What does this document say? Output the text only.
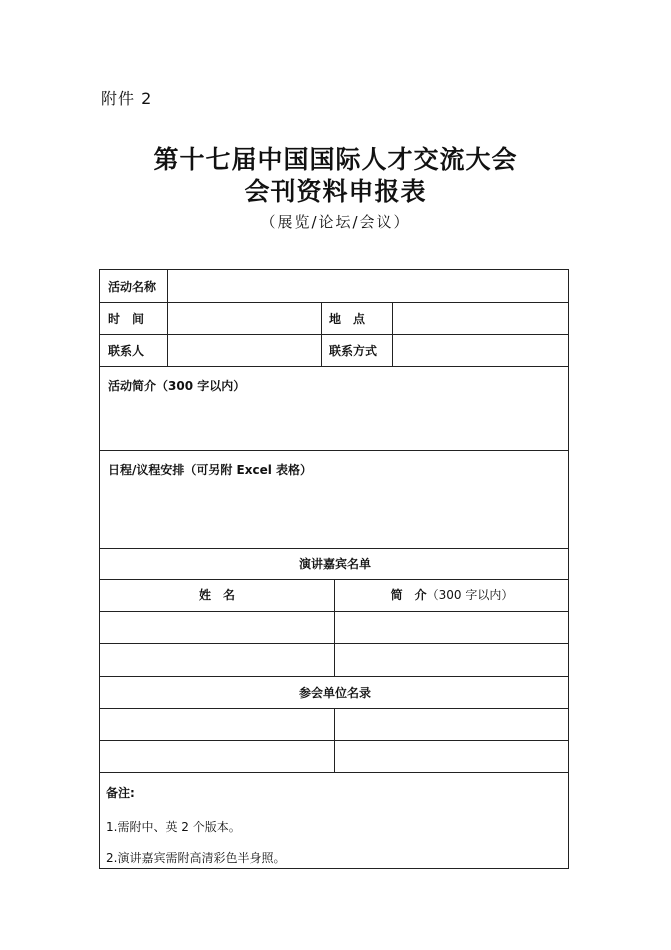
附件 2
第十七届中国国际人才交流大会
会刊资料申报表
（展览/论坛/会议）
活动名称
时　间	地　点
联系人	联系方式
活动简介（300 字以内）
日程/议程安排（可另附 Excel 表格）
演讲嘉宾名单
姓　名	简　介（300 字以内）
参会单位名录
备注:
1.需附中、英 2 个版本。
2.演讲嘉宾需附高清彩色半身照。
